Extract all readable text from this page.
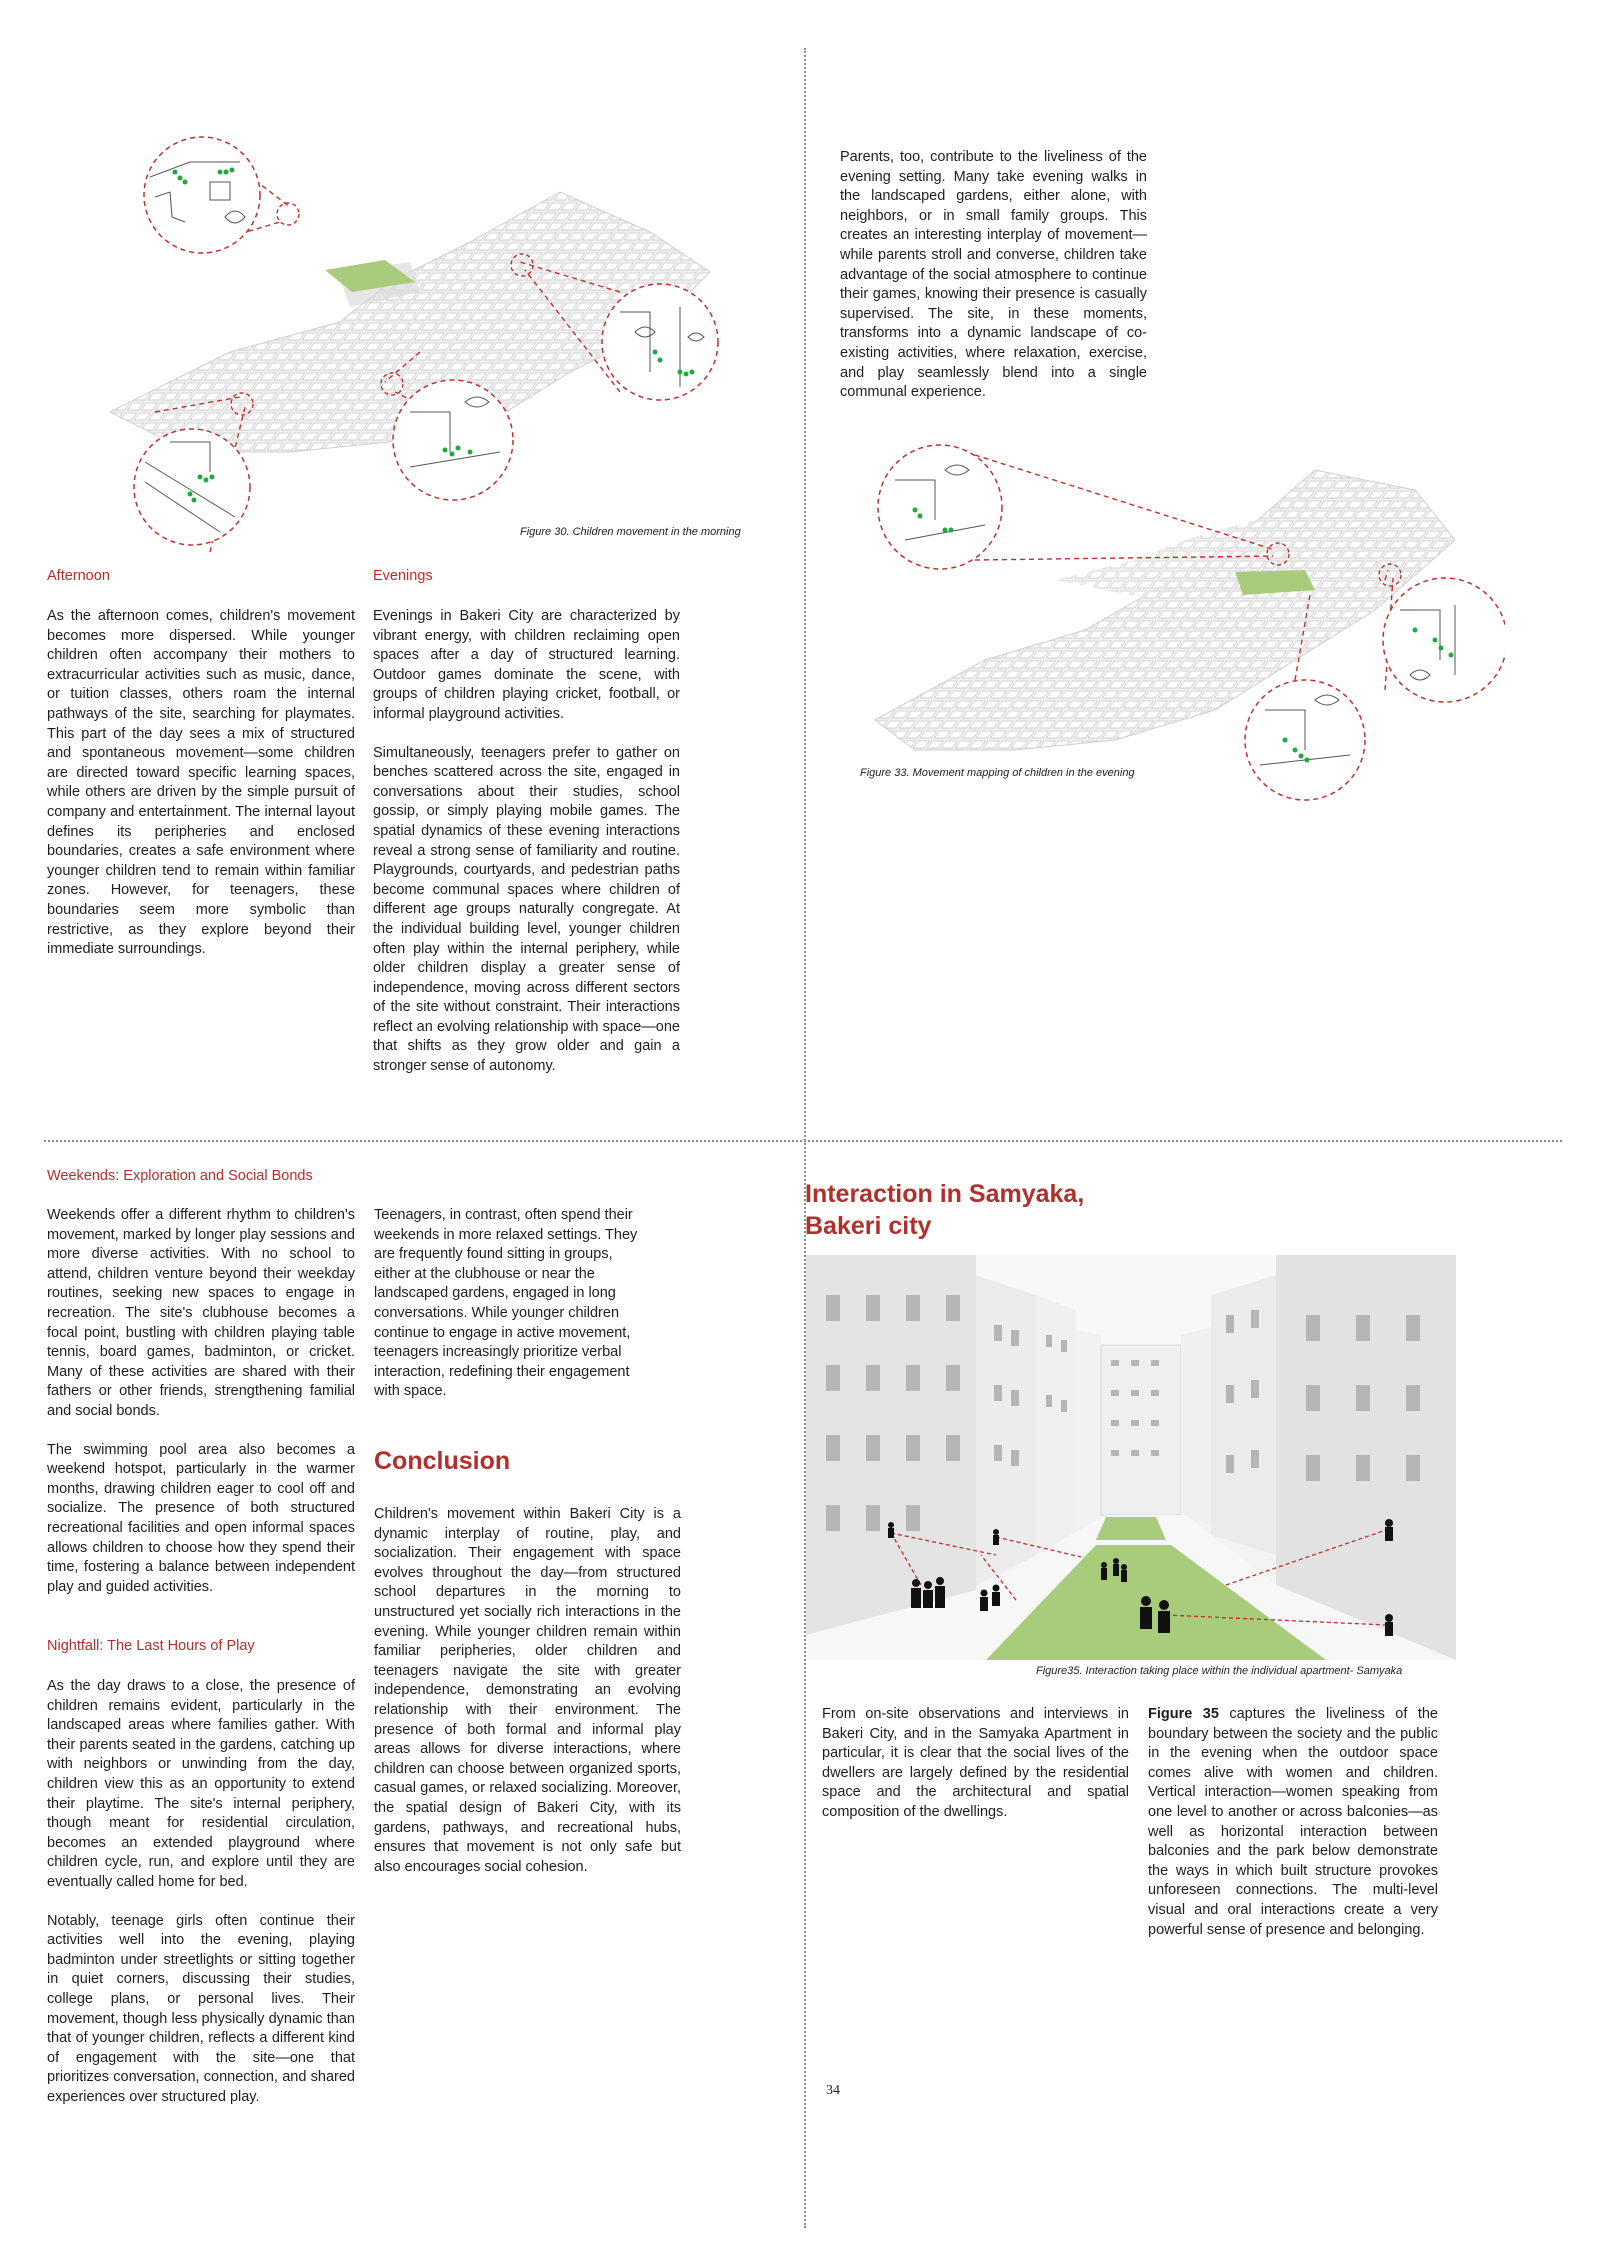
Figure 30. Children movement in the morning
Afternoon	Evenings

As the afternoon comes, children's movement becomes more dispersed. While younger children often accompany their mothers to extracurricular activities such as music, dance, or tuition classes, others roam the internal pathways of the site, searching for playmates. This part of the day sees a mix of structured and spontaneous movement—some children are directed toward specific learning spaces, while others are driven by the simple pursuit of company and entertainment. The internal layout defines its peripheries and enclosed boundaries, creates a safe environment where younger children tend to remain within familiar zones. However, for teenagers, these boundaries seem more symbolic than restrictive, as they explore beyond their immediate surroundings.

Evenings in Bakeri City are characterized by vibrant energy, with children reclaiming open spaces after a day of structured learning. Outdoor games dominate the scene, with groups of children playing cricket, football, or informal playground activities.

Simultaneously, teenagers prefer to gather on benches scattered across the site, engaged in conversations about their studies, school gossip, or simply playing mobile games. The spatial dynamics of these evening interactions reveal a strong sense of familiarity and routine. Playgrounds, courtyards, and pedestrian paths become communal spaces where children of different age groups naturally congregate. At the individual building level, younger children often play within the internal periphery, while older children display a greater sense of independence, moving across different sectors of the site without constraint. Their interactions reflect an evolving relationship with space—one that shifts as they grow older and gain a stronger sense of autonomy.

Parents, too, contribute to the liveliness of the evening setting. Many take evening walks in the landscaped gardens, either alone, with neighbors, or in small family groups. This creates an interesting interplay of movement—while parents stroll and converse, children take advantage of the social atmosphere to continue their games, knowing their presence is casually supervised. The site, in these moments, transforms into a dynamic landscape of co-existing activities, where relaxation, exercise, and play seamlessly blend into a single communal experience.

Figure 33. Movement mapping of children in the evening
Weekends: Exploration and Social Bonds

Weekends offer a different rhythm to children's movement, marked by longer play sessions and more diverse activities. With no school to attend, children venture beyond their weekday routines, seeking new spaces to engage in recreation. The site's clubhouse becomes a focal point, bustling with children playing table tennis, board games, badminton, or cricket. Many of these activities are shared with their fathers or other friends, strengthening familial and social bonds.

The swimming pool area also becomes a weekend hotspot, particularly in the warmer months, drawing children eager to cool off and socialize. The presence of both structured recreational facilities and open informal spaces allows children to choose how they spend their time, fostering a balance between independent play and guided activities.

Nightfall: The Last Hours of Play

As the day draws to a close, the presence of children remains evident, particularly in the landscaped areas where families gather. With their parents seated in the gardens, catching up with neighbors or unwinding from the day, children view this as an opportunity to extend their playtime. The site's internal periphery, though meant for residential circulation, becomes an extended playground where children cycle, run, and explore until they are eventually called home for bed.

Notably, teenage girls often continue their activities well into the evening, playing badminton under streetlights or sitting together in quiet corners, discussing their studies, college plans, or personal lives. Their movement, though less physically dynamic than that of younger children, reflects a different kind of engagement with the site—one that prioritizes conversation, connection, and shared experiences over structured play.

Teenagers, in contrast, often spend their weekends in more relaxed settings. They are frequently found sitting in groups, either at the clubhouse or near the landscaped gardens, engaged in long conversations. While younger children continue to engage in active movement, teenagers increasingly prioritize verbal interaction, redefining their engagement with space.

Conclusion

Children's movement within Bakeri City is a dynamic interplay of routine, play, and socialization. Their engagement with space evolves throughout the day—from structured school departures in the morning to unstructured yet socially rich interactions in the evening. While younger children remain within familiar peripheries, older children and teenagers navigate the site with greater independence, demonstrating an evolving relationship with their environment. The presence of both formal and informal play areas allows for diverse interactions, where children can choose between organized sports, casual games, or relaxed socializing. Moreover, the spatial design of Bakeri City, with its gardens, pathways, and recreational hubs, ensures that movement is not only safe but also encourages social cohesion.

Interaction in Samyaka,
Bakeri city
Figure35. Interaction taking place within the individual apartment- Samyaka

From on-site observations and interviews in Bakeri City, and in the Samyaka Apartment in particular, it is clear that the social lives of the dwellers are largely defined by the residential space and the architectural and spatial composition of the dwellings.

Figure 35 captures the liveliness of the boundary between the society and the public in the evening when the outdoor space comes alive with women and children. Vertical interaction—women speaking from one level to another or across balconies—as well as horizontal interaction between balconies and the park below demonstrate the ways in which built structure provokes unforeseen connections. The multi-level visual and oral interactions create a very powerful sense of presence and belonging.

34
